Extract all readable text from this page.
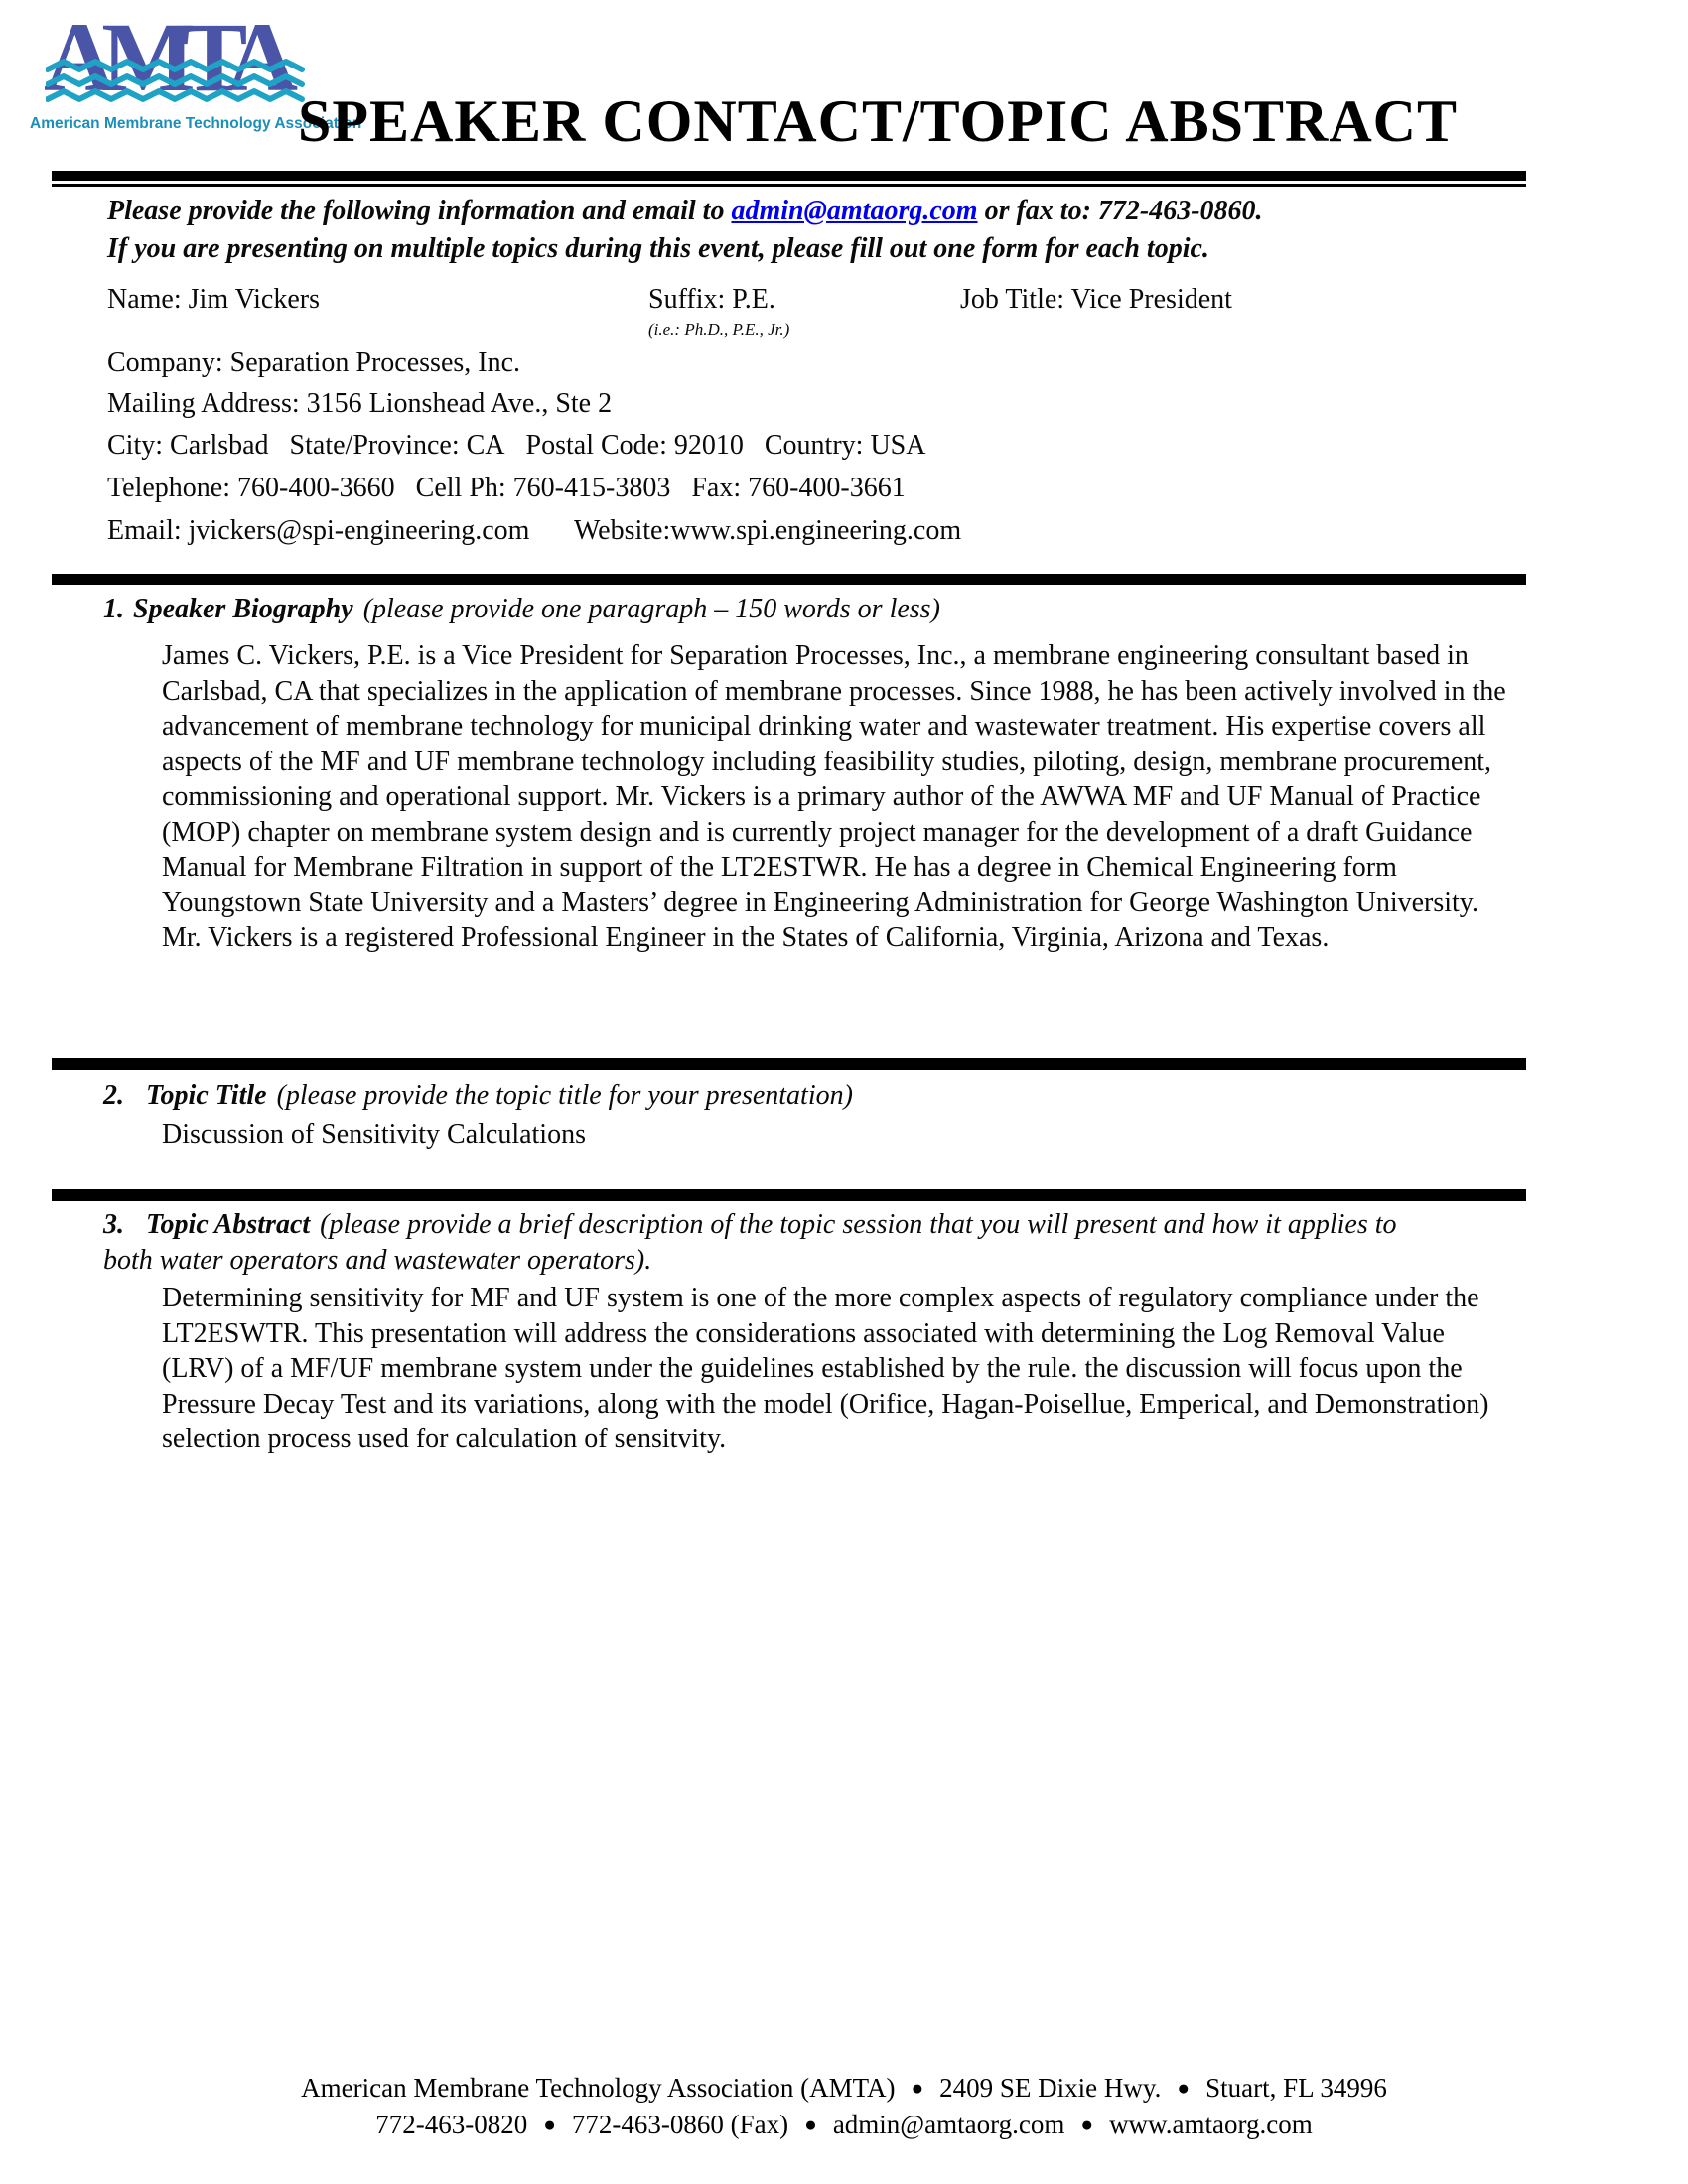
AMTA
American Membrane Technology Association
SPEAKER CONTACT/TOPIC ABSTRACT
Please provide the following information and email to admin@amtaorg.com or fax to: 772-463-0860.
If you are presenting on multiple topics during this event, please fill out one form for each topic.
Name: Jim Vickers	Suffix: P.E.	Job Title: Vice President
(i.e.: Ph.D., P.E., Jr.)
Company: Separation Processes, Inc.
Mailing Address: 3156 Lionshead Ave., Ste 2
City: Carlsbad State/Province: CA Postal Code: 92010 Country: USA
Telephone: 760-400-3660 Cell Ph: 760-415-3803 Fax: 760-400-3661
Email: jvickers@spi-engineering.com Website:www.spi.engineering.com
1. Speaker Biography (please provide one paragraph – 150 words or less)
James C. Vickers, P.E. is a Vice President for Separation Processes, Inc., a membrane engineering consultant based in Carlsbad, CA that specializes in the application of membrane processes. Since 1988, he has been actively involved in the advancement of membrane technology for municipal drinking water and wastewater treatment. His expertise covers all aspects of the MF and UF membrane technology including feasibility studies, piloting, design, membrane procurement, commissioning and operational support. Mr. Vickers is a primary author of the AWWA MF and UF Manual of Practice (MOP) chapter on membrane system design and is currently project manager for the development of a draft Guidance Manual for Membrane Filtration in support of the LT2ESTWR. He has a degree in Chemical Engineering form Youngstown State University and a Masters’ degree in Engineering Administration for George Washington University. Mr. Vickers is a registered Professional Engineer in the States of California, Virginia, Arizona and Texas.
2. Topic Title (please provide the topic title for your presentation)
Discussion of Sensitivity Calculations
3. Topic Abstract (please provide a brief description of the topic session that you will present and how it applies to both water operators and wastewater operators).
Determining sensitivity for MF and UF system is one of the more complex aspects of regulatory compliance under the LT2ESWTR. This presentation will address the considerations associated with determining the Log Removal Value (LRV) of a MF/UF membrane system under the guidelines established by the rule. the discussion will focus upon the Pressure Decay Test and its variations, along with the model (Orifice, Hagan-Poisellue, Emperical, and Demonstration) selection process used for calculation of sensitvity.
American Membrane Technology Association (AMTA) ● 2409 SE Dixie Hwy. ● Stuart, FL 34996
772-463-0820 ● 772-463-0860 (Fax) ● admin@amtaorg.com ● www.amtaorg.com
